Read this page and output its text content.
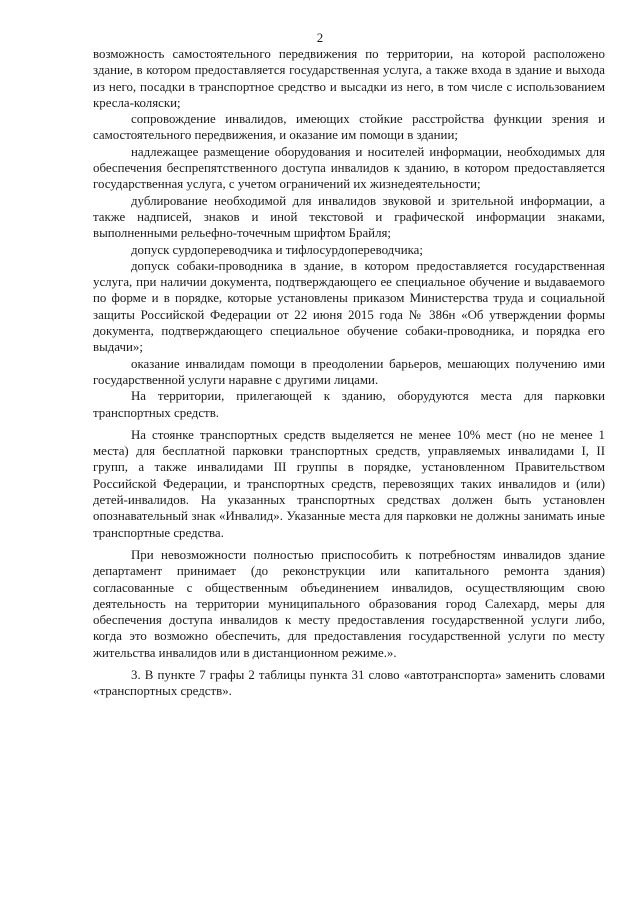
2

возможность самостоятельного передвижения по территории, на которой расположено здание, в котором предоставляется государственная услуга, а также входа в здание и выхода из него, посадки в транспортное средство и высадки из него, в том числе с использованием кресла-коляски;

сопровождение инвалидов, имеющих стойкие расстройства функции зрения и самостоятельного передвижения, и оказание им помощи в здании;

надлежащее размещение оборудования и носителей информации, необходимых для обеспечения беспрепятственного доступа инвалидов к зданию, в котором предоставляется государственная услуга, с учетом ограничений их жизнедеятельности;

дублирование необходимой для инвалидов звуковой и зрительной информации, а также надписей, знаков и иной текстовой и графической информации знаками, выполненными рельефно-точечным шрифтом Брайля;

допуск сурдопереводчика и тифлосурдопереводчика;

допуск собаки-проводника в здание, в котором предоставляется государственная услуга, при наличии документа, подтверждающего ее специальное обучение и выдаваемого по форме и в порядке, которые установлены приказом Министерства труда и социальной защиты Российской Федерации от 22 июня 2015 года № 386н «Об утверждении формы документа, подтверждающего специальное обучение собаки-проводника, и порядка его выдачи»;

оказание инвалидам помощи в преодолении барьеров, мешающих получению ими государственной услуги наравне с другими лицами.

На территории, прилегающей к зданию, оборудуются места для парковки транспортных средств.

На стоянке транспортных средств выделяется не менее 10% мест (но не менее 1 места) для бесплатной парковки транспортных средств, управляемых инвалидами I, II групп, а также инвалидами III группы в порядке, установленном Правительством Российской Федерации, и транспортных средств, перевозящих таких инвалидов и (или) детей-инвалидов. На указанных транспортных средствах должен быть установлен опознавательный знак «Инвалид». Указанные места для парковки не должны занимать иные транспортные средства.

При невозможности полностью приспособить к потребностям инвалидов здание департамент принимает (до реконструкции или капитального ремонта здания) согласованные с общественным объединением инвалидов, осуществляющим свою деятельность на территории муниципального образования город Салехард, меры для обеспечения доступа инвалидов к месту предоставления государственной услуги либо, когда это возможно обеспечить, для предоставления государственной услуги по месту жительства инвалидов или в дистанционном режиме.».

3. В пункте 7 графы 2 таблицы пункта 31 слово «автотранспорта» заменить словами «транспортных средств».
